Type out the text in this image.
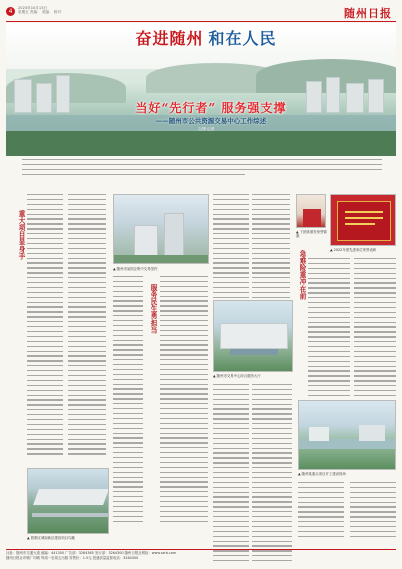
4	2023年10月13日
星期五 责编： 美编： 校对：	随州日报
奋进随州 和在人民
当好“先行者” 服务强支撑
——随州市公共资源交易中心工作综述
文/图 记者
重大项目显身手
▲ 曾都区城南新区建设项目鸟瞰
▲ 随州市某国企集中交易签约
服务民生勇担当
▲ 随州市交易中心综合服务大厅
▲ 下团体颁发荣誉锦旗
▲ 2022年度先进单位荣誉表彰
急难险重冲在前
▲ 随州某重点项目开工建设现场
社址：随州市交通大道 邮编：441300 广告部：3264365 发行部：3264300 随州日报社网址：www.szrb.com
随州日报社印刷厂印刷 每周一至周五出版 零售价：1.5元 投递质量监督电话：3264300
